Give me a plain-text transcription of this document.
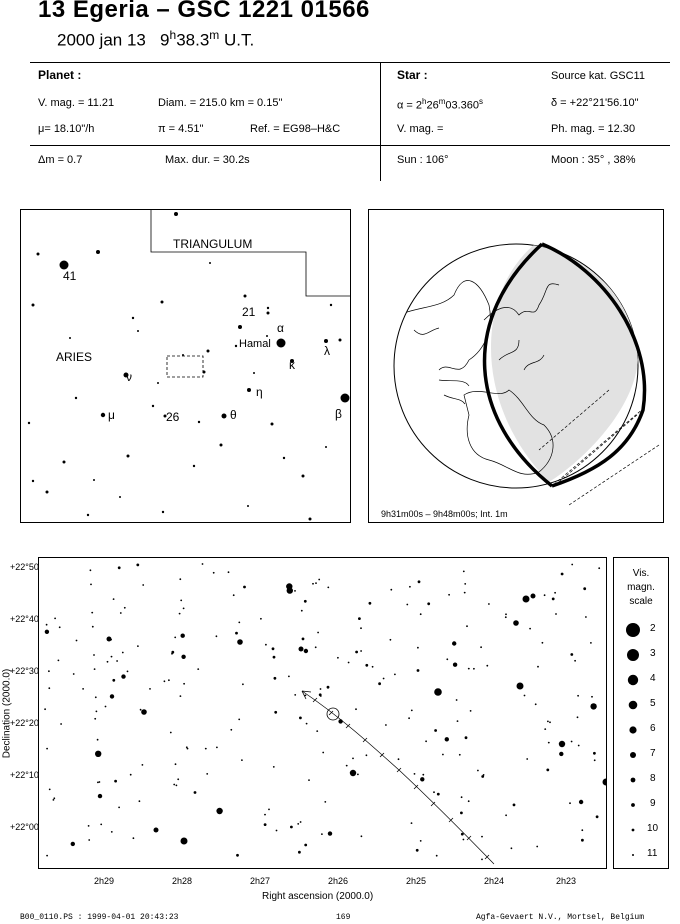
13 Egeria – GSC 1221 01566
2000 jan 13 9$^h$38.3$^m$ U.T.
Planet :
V. mag. = 11.21	Diam. = 215.0 km = 0.15"
μ= 18.10"/h	π = 4.51"	Ref. = EG98–H&C
Δm = 0.7	Max. dur. = 30.2s
Star :	Source kat. GSC11
$\alpha = 2^h26^m03.360^s$	δ = +22°21'56.10"
V. mag. =	Ph. mag. = 12.30
Sun : 106°	Moon : 35° , 38%
TRIANGULUM
ARIES
41
21
α
Hamal
κ
λ
ν
η
μ	26	θ	β
9h31m00s – 9h48m00s; Int. 1m
+22°50
+22°40
+22°30
+22°20
+22°10
+22°00
Declination (2000.0)
2h29	2h28	2h27	2h26	2h25	2h24	2h23
Right ascension (2000.0)
Vis.
magn.
scale
2
3
4
5
6
7
8
9
10
11
B00_0110.PS : 1999-04-01 20:43:23	169	Agfa-Gevaert N.V., Mortsel, Belgium
